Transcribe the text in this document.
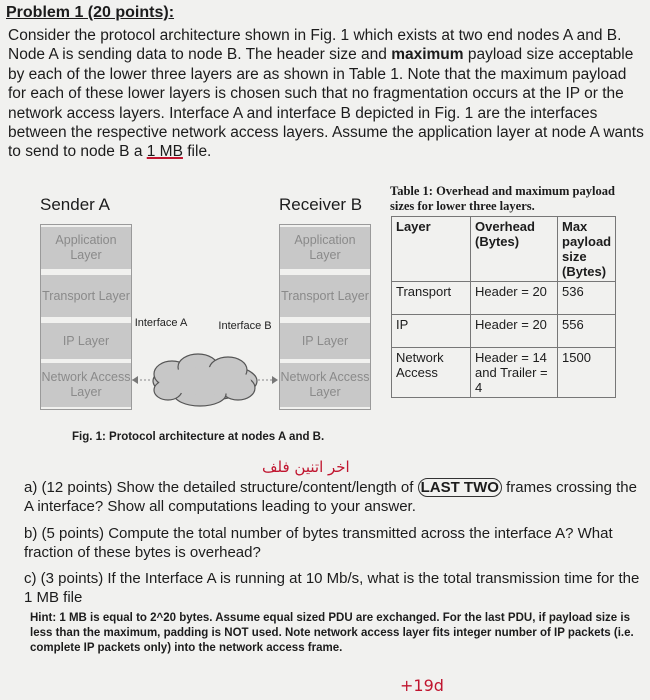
Problem 1 (20 points):
Consider the protocol architecture shown in Fig. 1 which exists at two end nodes A and B. Node A is sending data to node B. The header size and maximum payload size acceptable by each of the lower three layers are as shown in Table 1. Note that the maximum payload for each of these lower layers is chosen such that no fragmentation occurs at the IP or the network access layers. Interface A and interface B depicted in Fig. 1 are the interfaces between the respective network access layers. Assume the application layer at node A wants to send to node B a 1 MB file.
Sender A	Receiver B
Application Layer
Transport Layer
IP Layer
Network Access Layer
Application Layer
Transport Layer
IP Layer
Network Access Layer
Interface A	Interface B
Fig. 1: Protocol architecture at nodes A and B.
Table 1: Overhead and maximum payload sizes for lower three layers.
Layer	Overhead (Bytes)	Max payload size (Bytes)
Transport	Header = 20	536
IP	Header = 20	556
Network Access	Header = 14 and Trailer = 4	1500
اخر اتنين فلف
a) (12 points) Show the detailed structure/content/length of LAST TWO frames crossing the A interface? Show all computations leading to your answer.
b) (5 points) Compute the total number of bytes transmitted across the interface A? What fraction of these bytes is overhead?
c) (3 points) If the Interface A is running at 10 Mb/s, what is the total transmission time for the 1 MB file
Hint: 1 MB is equal to 2^20 bytes. Assume equal sized PDU are exchanged. For the last PDU, if payload size is less than the maximum, padding is NOT used. Note network access layer fits integer number of IP packets (i.e. complete IP packets only) into the network access frame.
+19d
